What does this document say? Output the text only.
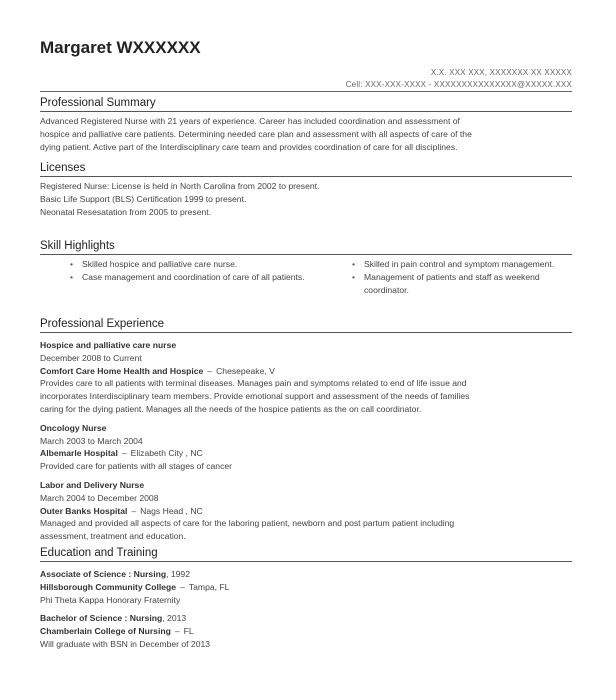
Margaret WXXXXXX
X.X. XXX XXX, XXXXXXX XX XXXXX
Cell: XXX-XXX-XXXX - XXXXXXXXXXXXXXX@XXXXX.XXX
Professional Summary

Advanced Registered Nurse with 21 years of experience. Career has included coordination and assessment of

hospice and palliative care patients. Determining needed care plan and assessment with all aspects of care of the

dying patient. Active part of the Interdisciplinary care team and provides coordination of care for all disciplines.

Licenses

Registered Nurse: License is held in North Carolina from 2002 to present.

Basic Life Support (BLS) Certification 1999 to present.

Neonatal Resesatation from 2005 to present.

Skill Highlights
• Skilled hospice and palliative care nurse.
• Case management and coordination of care of all patients.
• Skilled in pain control and symptom management.
• Management of patients and staff as weekend coordinator.
Professional Experience

Hospice and palliative care nurse

December 2008 to Current

Comfort Care Home Health and Hospice – Chesepeake, V

Provides care to all patients with terminal diseases. Manages pain and symptoms related to end of life issue and

incorporates Interdisciplinary team members. Provide emotional support and assessment of the needs of families

caring for the dying patient. Manages all the needs of the hospice patients as the on call coordinator.

Oncology Nurse

March 2003 to March 2004

Albemarle Hospital – Elizabeth City , NC

Provided care for patients with all stages of cancer

Labor and Delivery Nurse

March 2004 to December 2008

Outer Banks Hospital – Nags Head , NC

Managed and provided all aspects of care for the laboring patient, newborn and post partum patient including

assessment, treatment and education.

Education and Training

Associate of Science : Nursing, 1992

Hillsborough Community College – Tampa, FL

Phi Theta Kappa Honorary Fraternity

Bachelor of Science : Nursing, 2013

Chamberlain College of Nursing – FL

Will graduate with BSN in December of 2013
